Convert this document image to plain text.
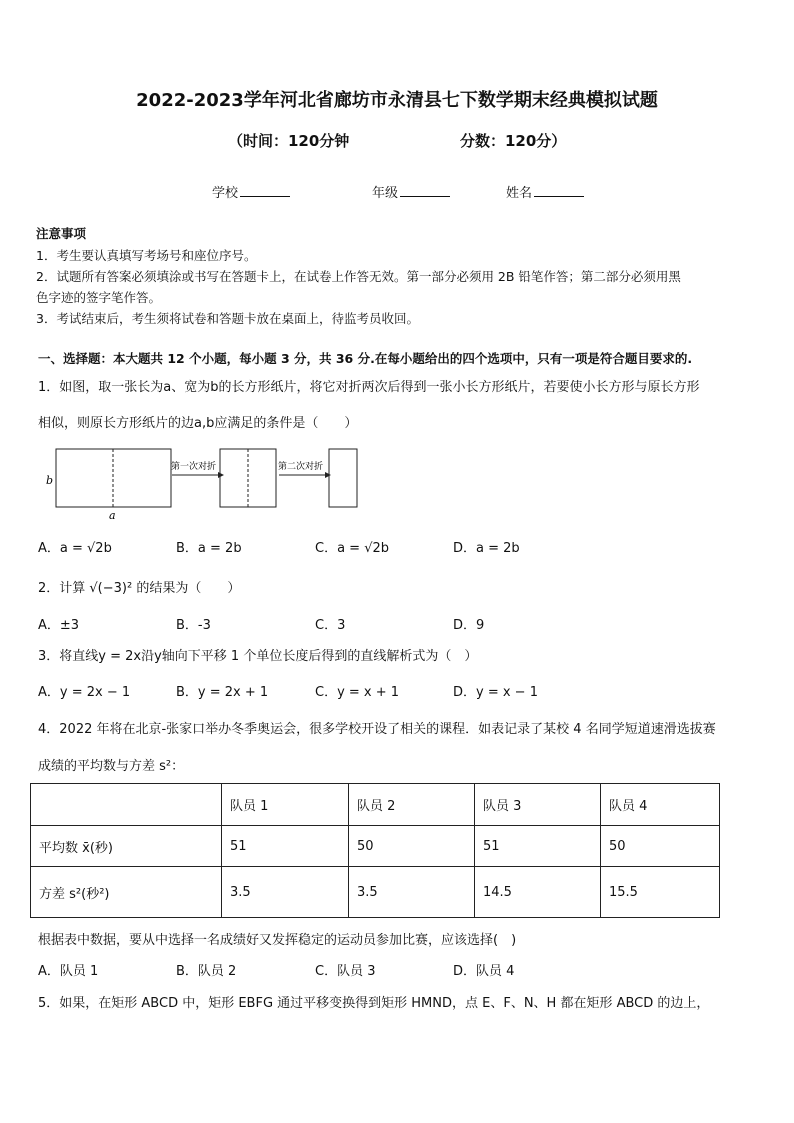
2022-2023学年河北省廊坊市永清县七下数学期末经典模拟试题
（时间：120分钟	分数：120分）
学校	年级	姓名
注意事项
1．考生要认真填写考场号和座位序号。
2．试题所有答案必须填涂或书写在答题卡上，在试卷上作答无效。第一部分必须用 2B 铅笔作答；第二部分必须用黑
色字迹的签字笔作答。
3．考试结束后，考生须将试卷和答题卡放在桌面上，待监考员收回。
一、选择题：本大题共 12 个小题，每小题 3 分，共 36 分.在每小题给出的四个选项中，只有一项是符合题目要求的.
1．如图，取一张长为a、宽为b的长方形纸片，将它对折两次后得到一张小长方形纸片，若要使小长方形与原长方形
相似，则原长方形纸片的边a,b应满足的条件是（　　）
b
a
第一次对折	第二次对折
A．a = √2b	B．a = 2b	C．a = √2b	D．a = 2b
2．计算 √(−3)² 的结果为（　　）
A．±3	B．-3	C．3	D．9
3．将直线y = 2x沿y轴向下平移 1 个单位长度后得到的直线解析式为（　）
A．y = 2x − 1	B．y = 2x + 1	C．y = x + 1	D．y = x − 1
4．2022 年将在北京-张家口举办冬季奥运会，很多学校开设了相关的课程．如表记录了某校 4 名同学短道速滑选拔赛
成绩的平均数与方差 s²：
	队员 1	队员 2	队员 3	队员 4
平均数 x̄(秒)	51	50	51	50
方差 s²(秒²)	3.5	3.5	14.5	15.5
根据表中数据，要从中选择一名成绩好又发挥稳定的运动员参加比赛，应该选择(　)
A．队员 1	B．队员 2	C．队员 3	D．队员 4
5．如果，在矩形 ABCD 中，矩形 EBFG 通过平移变换得到矩形 HMND，点 E、F、N、H 都在矩形 ABCD 的边上，
